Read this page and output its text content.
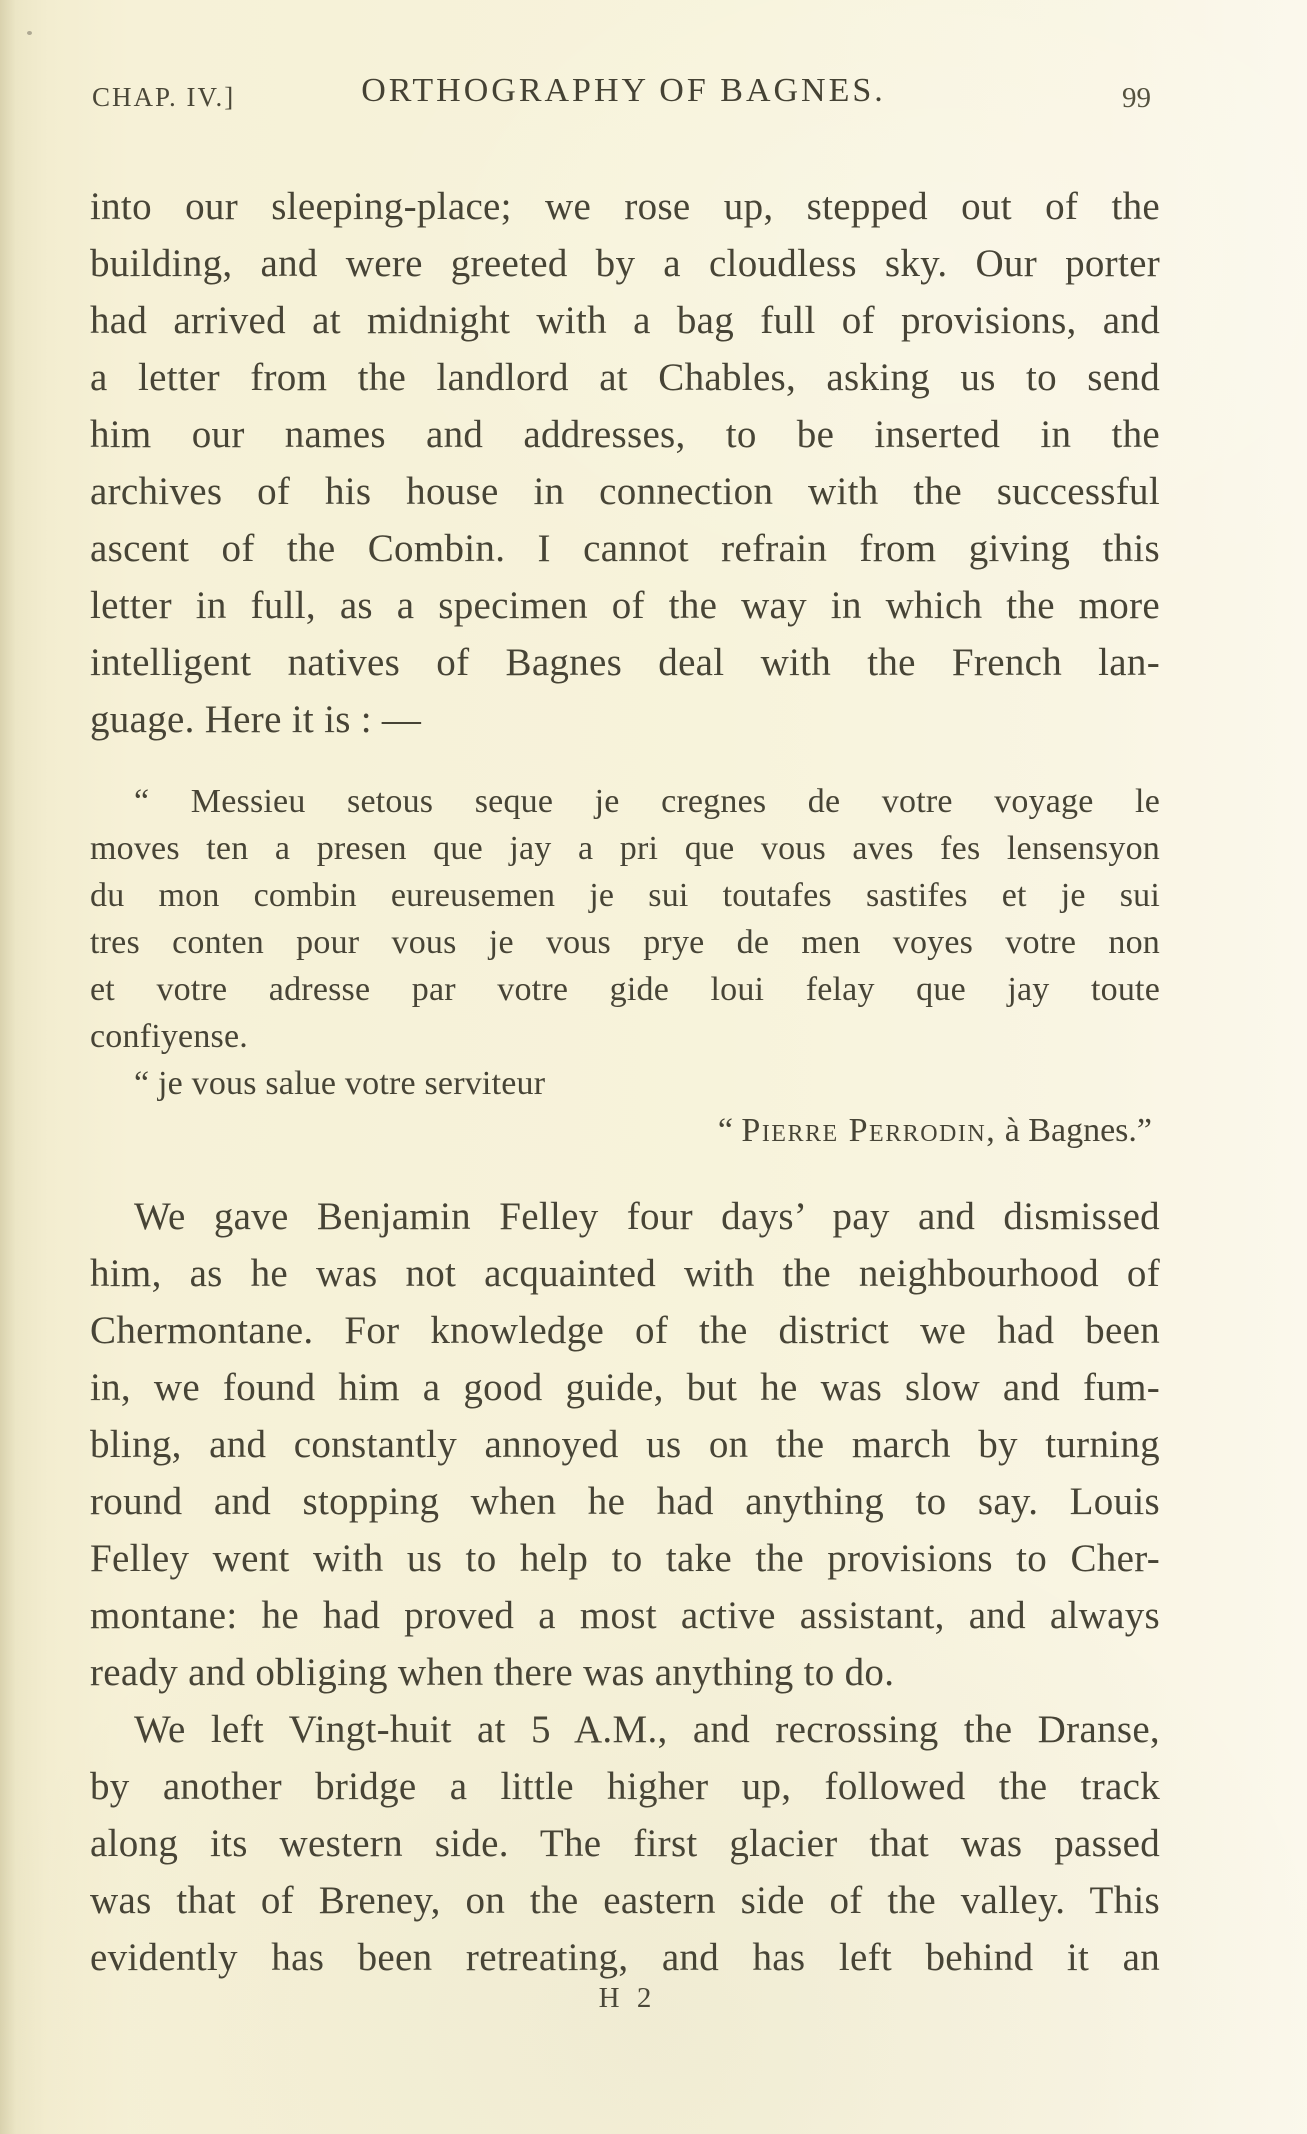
CHAP. IV.]	ORTHOGRAPHY OF BAGNES.	99
into our sleeping-place; we rose up, stepped out of the
building, and were greeted by a cloudless sky. Our porter
had arrived at midnight with a bag full of provisions, and
a letter from the landlord at Chables, asking us to send
him our names and addresses, to be inserted in the
archives of his house in connection with the successful
ascent of the Combin. I cannot refrain from giving this
letter in full, as a specimen of the way in which the more
intelligent natives of Bagnes deal with the French lan-
guage. Here it is : —
“ Messieu setous seque je cregnes de votre voyage le
moves ten a presen que jay a pri que vous aves fes lensensyon
du mon combin eureusemen je sui toutafes sastifes et je sui
tres conten pour vous je vous prye de men voyes votre non
et votre adresse par votre gide loui felay que jay toute
confiyense.
“ je vous salue votre serviteur
“ Pierre Perrodin, à Bagnes.”
We gave Benjamin Felley four days’ pay and dismissed
him, as he was not acquainted with the neighbourhood of
Chermontane. For knowledge of the district we had been
in, we found him a good guide, but he was slow and fum-
bling, and constantly annoyed us on the march by turning
round and stopping when he had anything to say. Louis
Felley went with us to help to take the provisions to Cher-
montane: he had proved a most active assistant, and always
ready and obliging when there was anything to do.
We left Vingt-huit at 5 A.M., and recrossing the Dranse,
by another bridge a little higher up, followed the track
along its western side. The first glacier that was passed
was that of Breney, on the eastern side of the valley. This
evidently has been retreating, and has left behind it an
H 2
